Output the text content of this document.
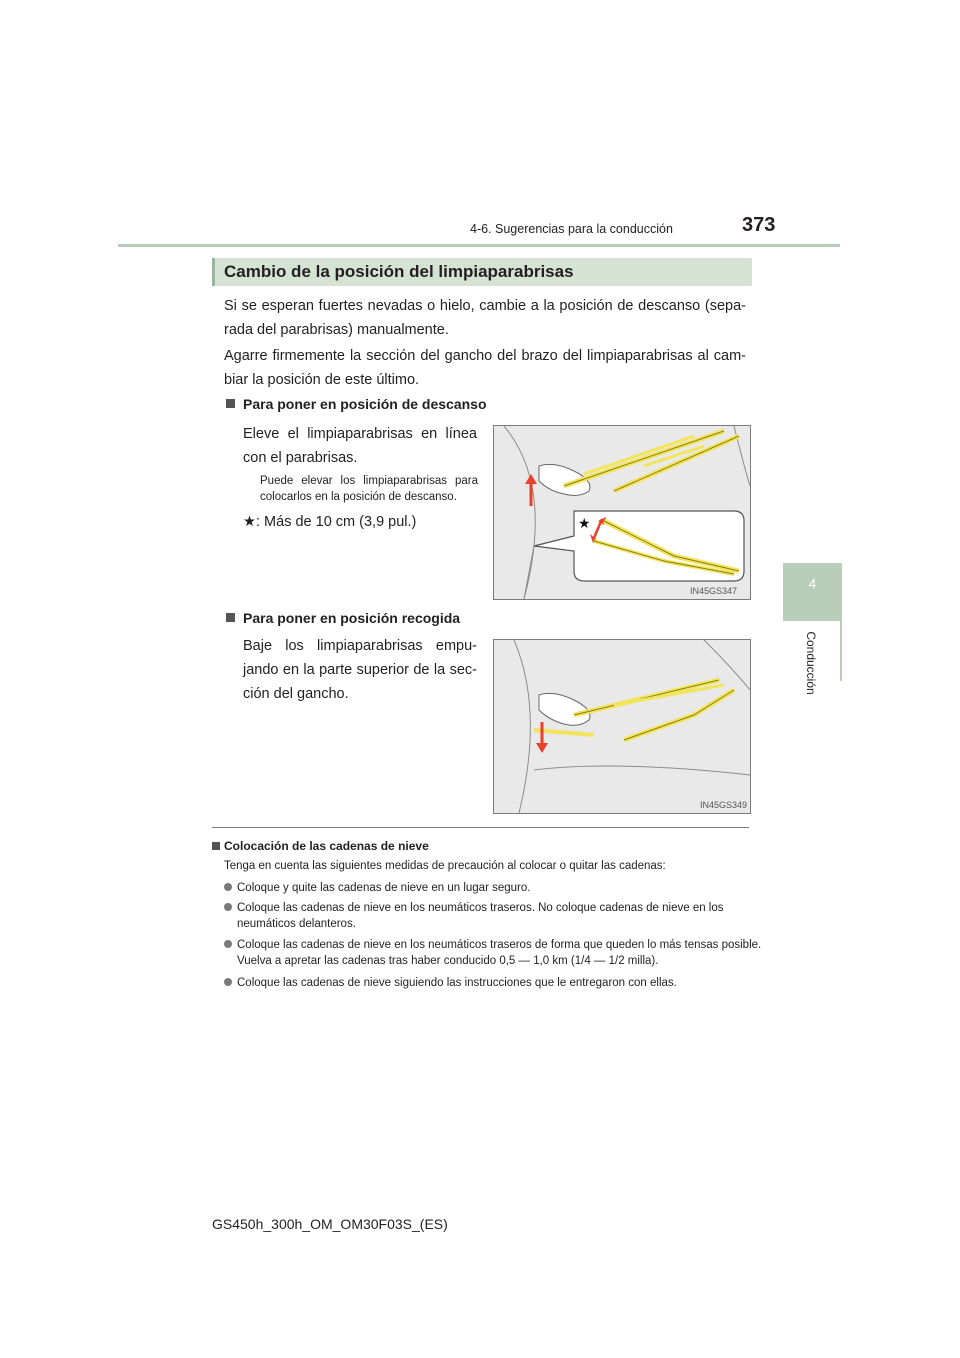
4-6. Sugerencias para la conducción	373
4
Conducción
Cambio de la posición del limpiaparabrisas
Si se esperan fuertes nevadas o hielo, cambie a la posición de descanso (sepa-rada del parabrisas) manualmente.
Agarre firmemente la sección del gancho del brazo del limpiaparabrisas al cam-biar la posición de este último.
Para poner en posición de descanso
Eleve el limpiaparabrisas en línea con el parabrisas.
Puede elevar los limpiaparabrisas para colocarlos en la posición de descanso.
★: Más de 10 cm (3,9 pul.)	★
IN45GS347
Para poner en posición recogida
Baje los limpiaparabrisas empu-jando en la parte superior de la sec-ción del gancho.
IN45GS349
Colocación de las cadenas de nieve
Tenga en cuenta las siguientes medidas de precaución al colocar o quitar las cadenas:
Coloque y quite las cadenas de nieve en un lugar seguro.
Coloque las cadenas de nieve en los neumáticos traseros. No coloque cadenas de nieve en los neumáticos delanteros.
Coloque las cadenas de nieve en los neumáticos traseros de forma que queden lo más tensas posible. Vuelva a apretar las cadenas tras haber conducido 0,5 — 1,0 km (1/4 — 1/2 milla).
Coloque las cadenas de nieve siguiendo las instrucciones que le entregaron con ellas.
GS450h_300h_OM_OM30F03S_(ES)
